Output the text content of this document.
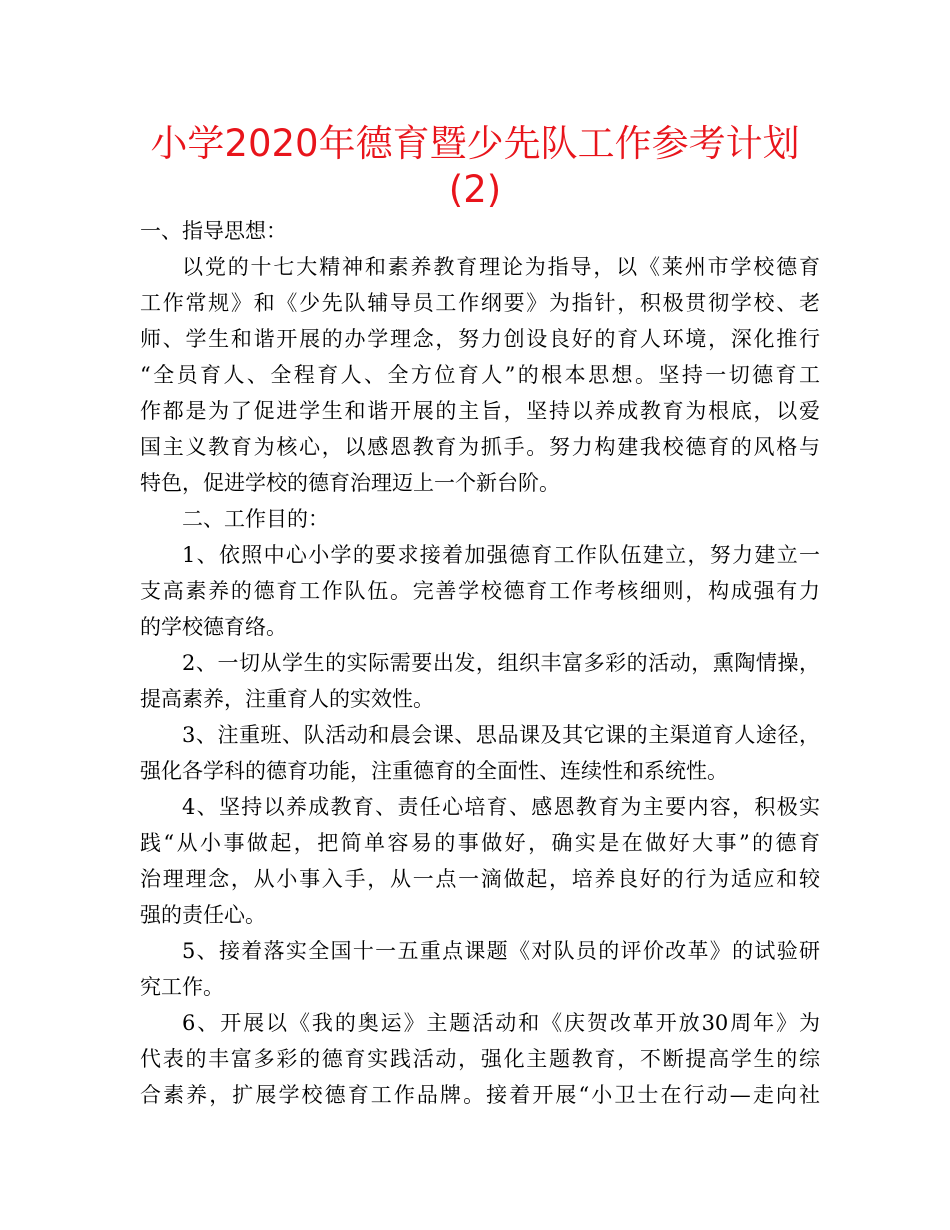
小学2020年德育暨少先队工作参考计划
(2)
一、指导思想：
以党的十七大精神和素养教育理论为指导，以《莱州市学校德育
工作常规》和《少先队辅导员工作纲要》为指针，积极贯彻学校、老
师、学生和谐开展的办学理念，努力创设良好的育人环境，深化推行
“全员育人、全程育人、全方位育人”的根本思想。坚持一切德育工
作都是为了促进学生和谐开展的主旨，坚持以养成教育为根底，以爱
国主义教育为核心，以感恩教育为抓手。努力构建我校德育的风格与
特色，促进学校的德育治理迈上一个新台阶。
二、工作目的：
1、依照中心小学的要求接着加强德育工作队伍建立，努力建立一
支高素养的德育工作队伍。完善学校德育工作考核细则，构成强有力
的学校德育络。
2、一切从学生的实际需要出发，组织丰富多彩的活动，熏陶情操，
提高素养，注重育人的实效性。
3、注重班、队活动和晨会课、思品课及其它课的主渠道育人途径，
强化各学科的德育功能，注重德育的全面性、连续性和系统性。
4、坚持以养成教育、责任心培育、感恩教育为主要内容，积极实
践“从小事做起，把简单容易的事做好，确实是在做好大事”的德育
治理理念，从小事入手，从一点一滴做起，培养良好的行为适应和较
强的责任心。
5、接着落实全国十一五重点课题《对队员的评价改革》的试验研
究工作。
6、开展以《我的奥运》主题活动和《庆贺改革开放30周年》为
代表的丰富多彩的德育实践活动，强化主题教育，不断提高学生的综
合素养，扩展学校德育工作品牌。接着开展“小卫士在行动—走向社
